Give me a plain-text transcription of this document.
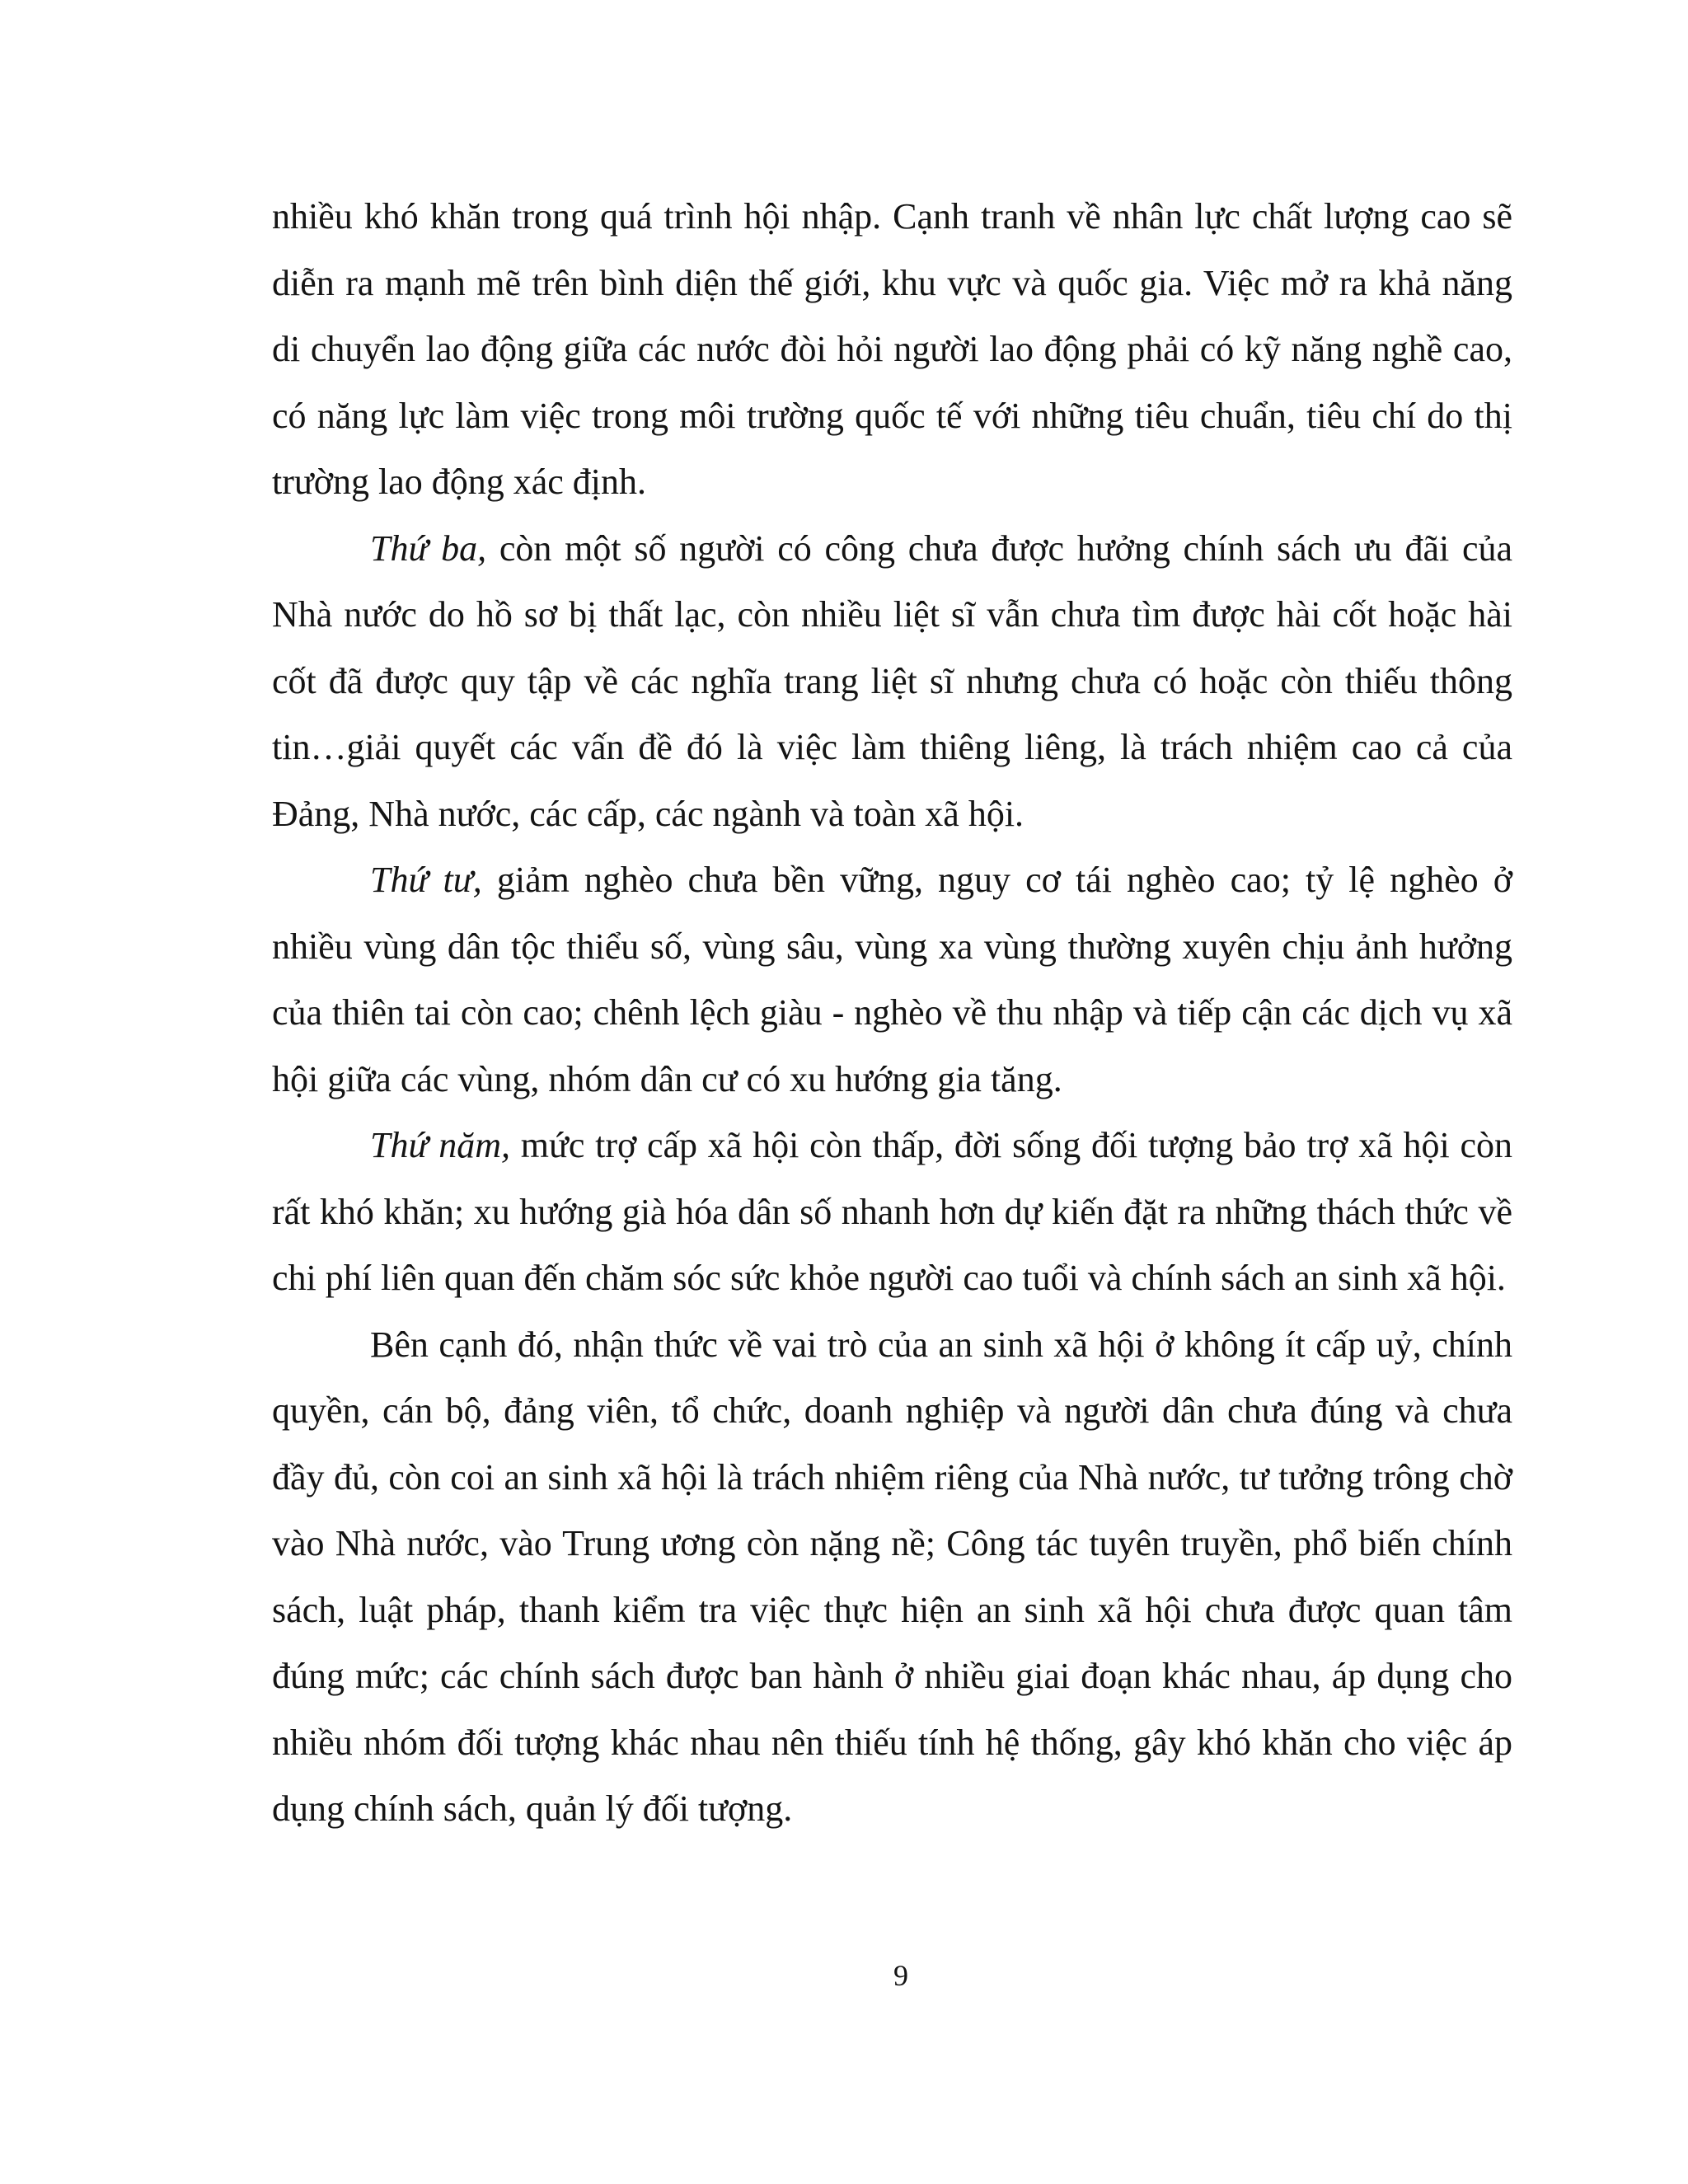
nhiều khó khăn trong quá trình hội nhập. Cạnh tranh về nhân lực chất lượng cao sẽ diễn ra mạnh mẽ trên bình diện thế giới, khu vực và quốc gia. Việc mở ra khả năng di chuyển lao động giữa các nước đòi hỏi người lao động phải có kỹ năng nghề cao, có năng lực làm việc trong môi trường quốc tế với những tiêu chuẩn, tiêu chí do thị trường lao động xác định.

Thứ ba, còn một số người có công chưa được hưởng chính sách ưu đãi của Nhà nước do hồ sơ bị thất lạc, còn nhiều liệt sĩ vẫn chưa tìm được hài cốt hoặc hài cốt đã được quy tập về các nghĩa trang liệt sĩ nhưng chưa có hoặc còn thiếu thông tin…giải quyết các vấn đề đó là việc làm thiêng liêng, là trách nhiệm cao cả của Đảng, Nhà nước, các cấp, các ngành và toàn xã hội.

Thứ tư, giảm nghèo chưa bền vững, nguy cơ tái nghèo cao; tỷ lệ nghèo ở nhiều vùng dân tộc thiểu số, vùng sâu, vùng xa vùng thường xuyên chịu ảnh hưởng của thiên tai còn cao; chênh lệch giàu - nghèo về thu nhập và tiếp cận các dịch vụ xã hội giữa các vùng, nhóm dân cư có xu hướng gia tăng.

Thứ năm, mức trợ cấp xã hội còn thấp, đời sống đối tượng bảo trợ xã hội còn rất khó khăn; xu hướng già hóa dân số nhanh hơn dự kiến đặt ra những thách thức về chi phí liên quan đến chăm sóc sức khỏe người cao tuổi và chính sách an sinh xã hội.

Bên cạnh đó, nhận thức về vai trò của an sinh xã hội ở không ít cấp uỷ, chính quyền, cán bộ, đảng viên, tổ chức, doanh nghiệp và người dân chưa đúng và chưa đầy đủ, còn coi an sinh xã hội là trách nhiệm riêng của Nhà nước, tư tưởng trông chờ vào Nhà nước, vào Trung ương còn nặng nề; Công tác tuyên truyền, phổ biến chính sách, luật pháp, thanh kiểm tra việc thực hiện an sinh xã hội chưa được quan tâm đúng mức; các chính sách được ban hành ở nhiều giai đoạn khác nhau, áp dụng cho nhiều nhóm đối tượng khác nhau nên thiếu tính hệ thống, gây khó khăn cho việc áp dụng chính sách, quản lý đối tượng.

9
